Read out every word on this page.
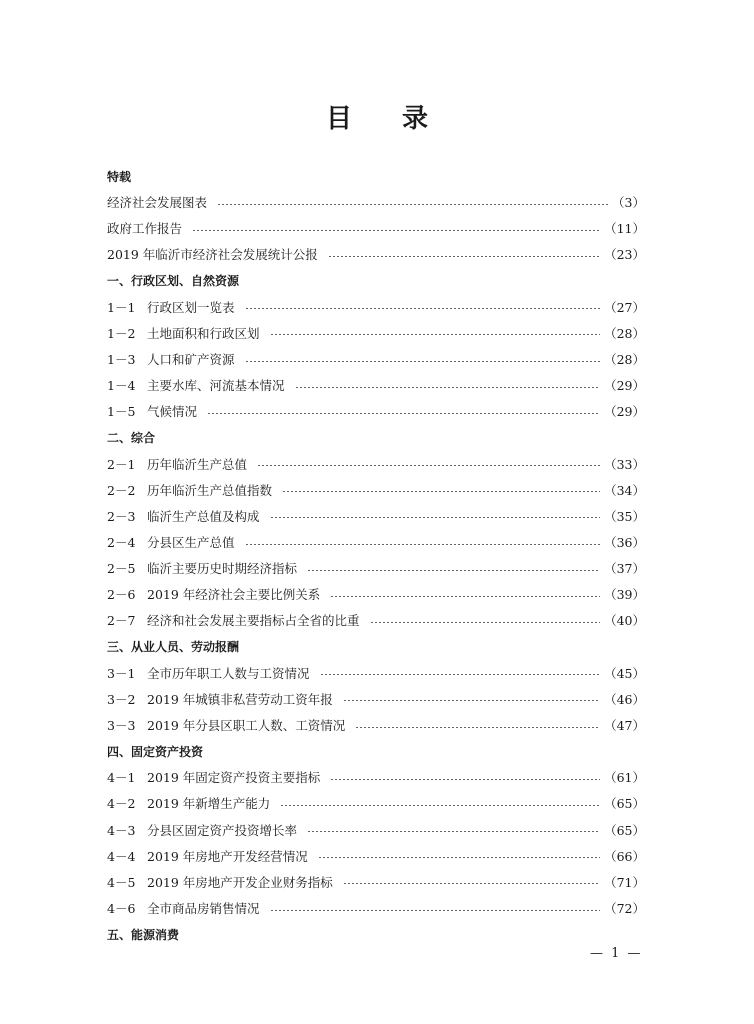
目 录
特载
经济社会发展图表	（3）
政府工作报告	（11）
2019 年临沂市经济社会发展统计公报	（23）
一、行政区划、自然资源
1－1 行政区划一览表	（27）
1－2 土地面积和行政区划	（28）
1－3 人口和矿产资源	（28）
1－4 主要水库、河流基本情况	（29）
1－5 气候情况	（29）
二、综合
2－1 历年临沂生产总值	（33）
2－2 历年临沂生产总值指数	（34）
2－3 临沂生产总值及构成	（35）
2－4 分县区生产总值	（36）
2－5 临沂主要历史时期经济指标	（37）
2－6 2019 年经济社会主要比例关系	（39）
2－7 经济和社会发展主要指标占全省的比重	（40）
三、从业人员、劳动报酬
3－1 全市历年职工人数与工资情况	（45）
3－2 2019 年城镇非私营劳动工资年报	（46）
3－3 2019 年分县区职工人数、工资情况	（47）
四、固定资产投资
4－1 2019 年固定资产投资主要指标	（61）
4－2 2019 年新增生产能力	（65）
4－3 分县区固定资产投资增长率	（65）
4－4 2019 年房地产开发经营情况	（66）
4－5 2019 年房地产开发企业财务指标	（71）
4－6 全市商品房销售情况	（72）
五、能源消费
— 1 —
